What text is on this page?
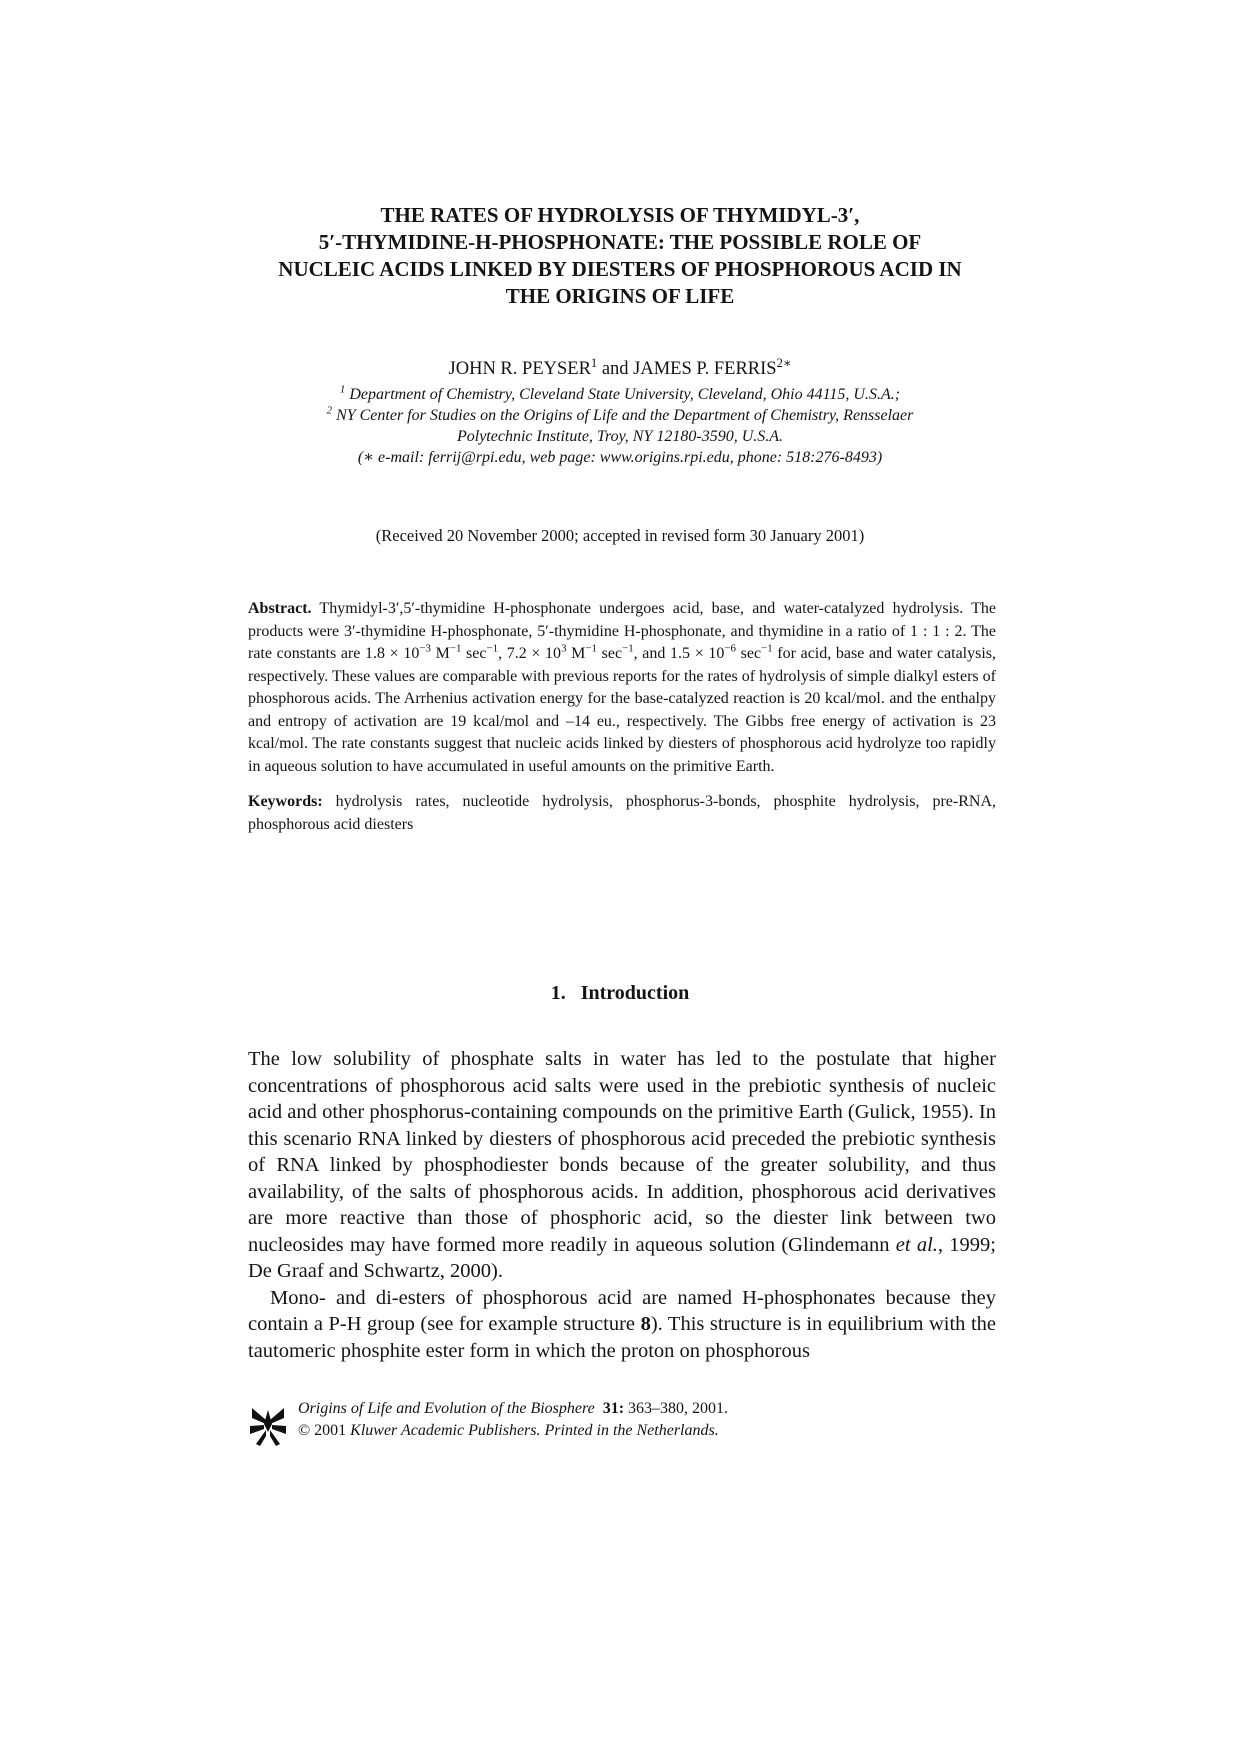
THE RATES OF HYDROLYSIS OF THYMIDYL-3′,
5′-THYMIDINE-H-PHOSPHONATE: THE POSSIBLE ROLE OF
NUCLEIC ACIDS LINKED BY DIESTERS OF PHOSPHOROUS ACID IN
THE ORIGINS OF LIFE
JOHN R. PEYSER$^1$ and JAMES P. $FERRIS^{2∗}$
$^1$ Department of Chemistry, Cleveland State University, Cleveland, Ohio 44115, U.S.A.;
$^2$ NY Center for Studies on the Origins of Life and the Department of Chemistry, Rensselaer
Polytechnic Institute, Troy, NY 12180-3590, U.S.A.
(∗ e-mail: ferrij@rpi.edu, web page: www.origins.rpi.edu, phone: 518:276-8493)
(Received 20 November 2000; accepted in revised form 30 January 2001)

Abstract. Thymidyl-3′,5′-thymidine H-phosphonate undergoes acid, base, and water-catalyzed hydrolysis. The products were 3′-thymidine H-phosphonate, 5′-thymidine H-phosphonate, and thymidine in a ratio of 1 : 1 : 2. The rate constants are $1.8 \times 10^{-3}$ $M^{-1}$ $\sec^{-1}$, $7.2 \times 10^3$ $M^{-1}$ $\sec^{-1}$, and $1.5 \times 10^{-6}$ $\sec^{-1}$ for acid, base and water catalysis, respectively. These values are comparable with previous reports for the rates of hydrolysis of simple dialkyl esters of phosphorous acids. The Arrhenius activation energy for the base-catalyzed reaction is 20 kcal/mol. and the enthalpy and entropy of activation are 19 kcal/mol and –14 eu., respectively. The Gibbs free energy of activation is 23 kcal/mol. The rate constants suggest that nucleic acids linked by diesters of phosphorous acid hydrolyze too rapidly in aqueous solution to have accumulated in useful amounts on the primitive Earth.

Keywords: hydrolysis rates, nucleotide hydrolysis, phosphorus-3-bonds, phosphite hydrolysis, pre-RNA, phosphorous acid diesters

1. Introduction

The low solubility of phosphate salts in water has led to the postulate that higher concentrations of phosphorous acid salts were used in the prebiotic synthesis of nucleic acid and other phosphorus-containing compounds on the primitive Earth (Gulick, 1955). In this scenario RNA linked by diesters of phosphorous acid preceded the prebiotic synthesis of RNA linked by phosphodiester bonds because of the greater solubility, and thus availability, of the salts of phosphorous acids. In addition, phosphorous acid derivatives are more reactive than those of phosphoric acid, so the diester link between two nucleosides may have formed more readily in aqueous solution (Glindemann et al., 1999; De Graaf and Schwartz, 2000).

Mono- and di-esters of phosphorous acid are named H-phosphonates because they contain a P-H group (see for example structure 8). This structure is in equilibrium with the tautomeric phosphite ester form in which the proton on phosphorous

Origins of Life and Evolution of the Biosphere 31: 363–380, 2001.
© 2001 Kluwer Academic Publishers. Printed in the Netherlands.
